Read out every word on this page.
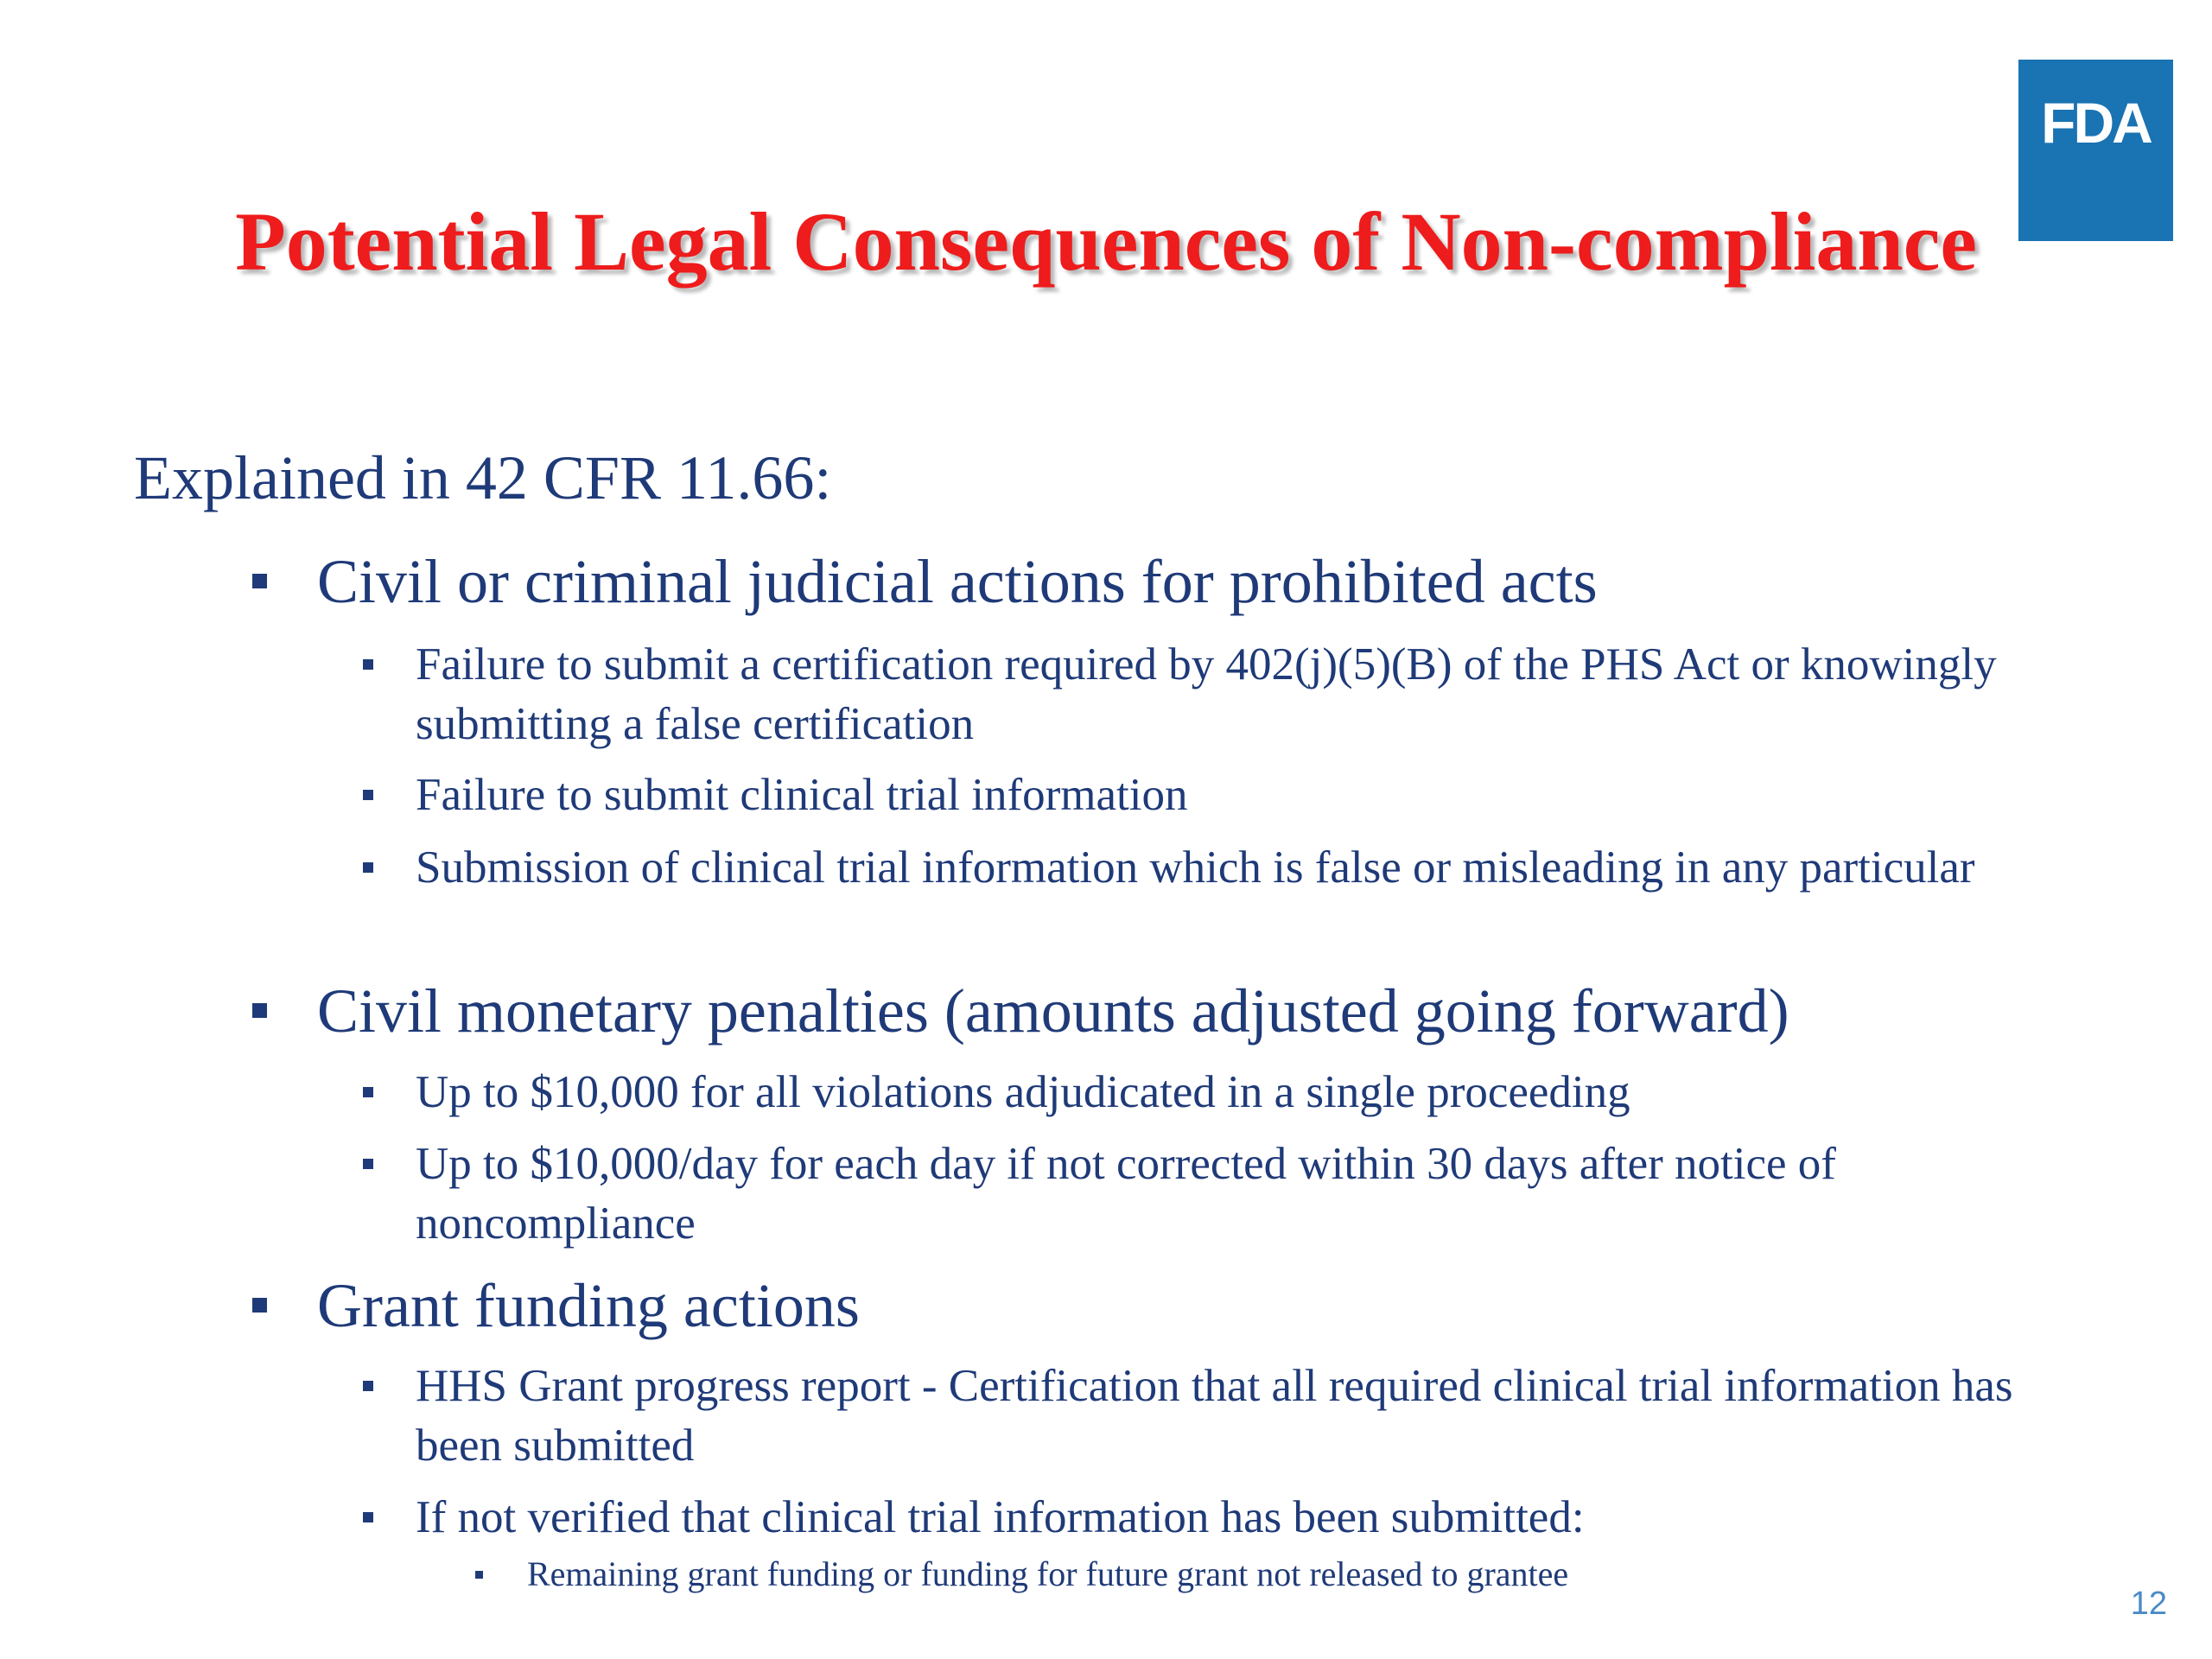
FDA
Potential Legal Consequences of Non-compliance
Explained in 42 CFR 11.66:
Civil or criminal judicial actions for prohibited acts
Failure to submit a certification required by 402(j)(5)(B) of the PHS Act or knowingly submitting a false certification
Failure to submit clinical trial information
Submission of clinical trial information which is false or misleading in any particular
Civil monetary penalties (amounts adjusted going forward)
Up to $10,000 for all violations adjudicated in a single proceeding
Up to $10,000/day for each day if not corrected within 30 days after notice of noncompliance
Grant funding actions
HHS Grant progress report - Certification that all required clinical trial information has been submitted
If not verified that clinical trial information has been submitted:
Remaining grant funding or funding for future grant not released to grantee
12
